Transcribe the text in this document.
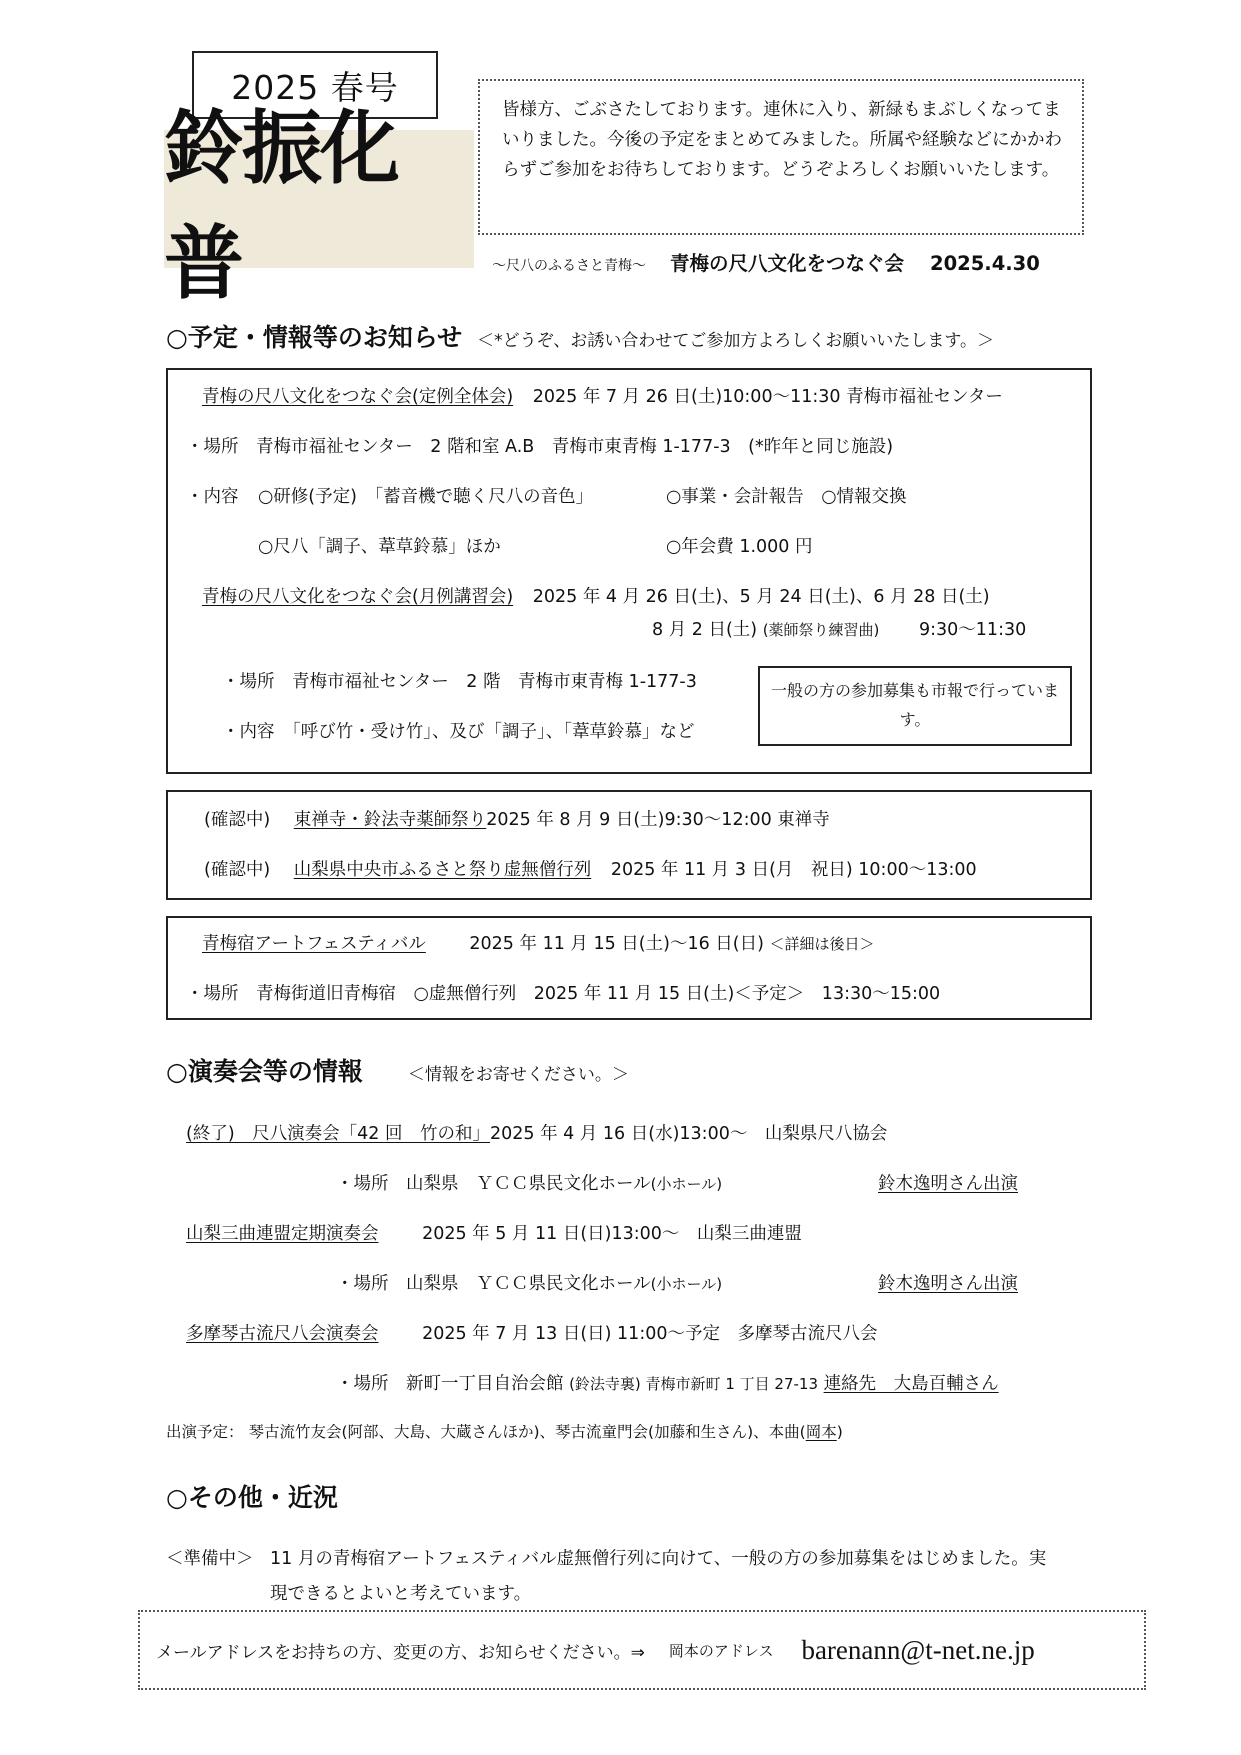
2025 春号
鈴振化普
皆様方、ごぶさたしております。連休に入り、新緑もまぶしくなってまいりました。今後の予定をまとめてみました。所属や経験などにかかわらずご参加をお待ちしております。どうぞよろしくお願いいたします。
～尺八のふるさと青梅～ 青梅の尺八文化をつなぐ会 2025.4.30
○予定・情報等のお知らせ ＜*どうぞ、お誘い合わせてご参加方よろしくお願いいたします。＞
青梅の尺八文化をつなぐ会(定例全体会) 2025 年 7 月 26 日(土)10:00～11:30 青梅市福祉センター
・場所　青梅市福祉センター　2 階和室 A.B　青梅市東青梅 1-177-3　(*昨年と同じ施設)
・内容 ○研修(予定)　「蓄音機で聴く尺八の音色」	○事業・会計報告　○情報交換
○尺八「調子、葦草鈴慕」ほか	○年会費 1.000 円
青梅の尺八文化をつなぐ会(月例講習会) 2025 年 4 月 26 日(土)、5 月 24 日(土)、6 月 28 日(土)
8 月 2 日(土) (薬師祭り練習曲) 9:30～11:30
・場所　青梅市福祉センター　2 階　青梅市東青梅 1-177-3
・内容　「呼び竹・受け竹」、及び「調子」、「葦草鈴慕」など
一般の方の参加募集も市報で行っています。
(確認中) 東禅寺・鈴法寺薬師祭り2025 年 8 月 9 日(土)9:30～12:00 東禅寺
(確認中) 山梨県中央市ふるさと祭り虚無僧行列 2025 年 11 月 3 日(月　祝日) 10:00～13:00
青梅宿アートフェスティバル 2025 年 11 月 15 日(土)～16 日(日) ＜詳細は後日＞
・場所　青梅街道旧青梅宿　○虚無僧行列　2025 年 11 月 15 日(土)＜予定＞　13:30～15:00
○演奏会等の情報	＜情報をお寄せください。＞
(終了)　尺八演奏会「42 回　竹の和」2025 年 4 月 16 日(水)13:00～　山梨県尺八協会
・場所　山梨県　ＹＣＣ県民文化ホール(小ホール)	鈴木逸明さん出演
山梨三曲連盟定期演奏会 2025 年 5 月 11 日(日)13:00～　山梨三曲連盟
・場所　山梨県　ＹＣＣ県民文化ホール(小ホール)	鈴木逸明さん出演
多摩琴古流尺八会演奏会 2025 年 7 月 13 日(日) 11:00～予定　多摩琴古流尺八会
・場所　新町一丁目自治会館 (鈴法寺裏) 青梅市新町 1 丁目 27-13 連絡先　大島百輔さん
出演予定： 琴古流竹友会(阿部、大島、大蔵さんほか)、琴古流童門会(加藤和生さん)、本曲(岡本)
○その他・近況
＜準備中＞ 11 月の青梅宿アートフェスティバル虚無僧行列に向けて、一般の方の参加募集をはじめました。実
現できるとよいと考えています。
メールアドレスをお持ちの方、変更の方、お知らせください。⇒ 岡本のアドレス barenann@t-net.ne.jp
